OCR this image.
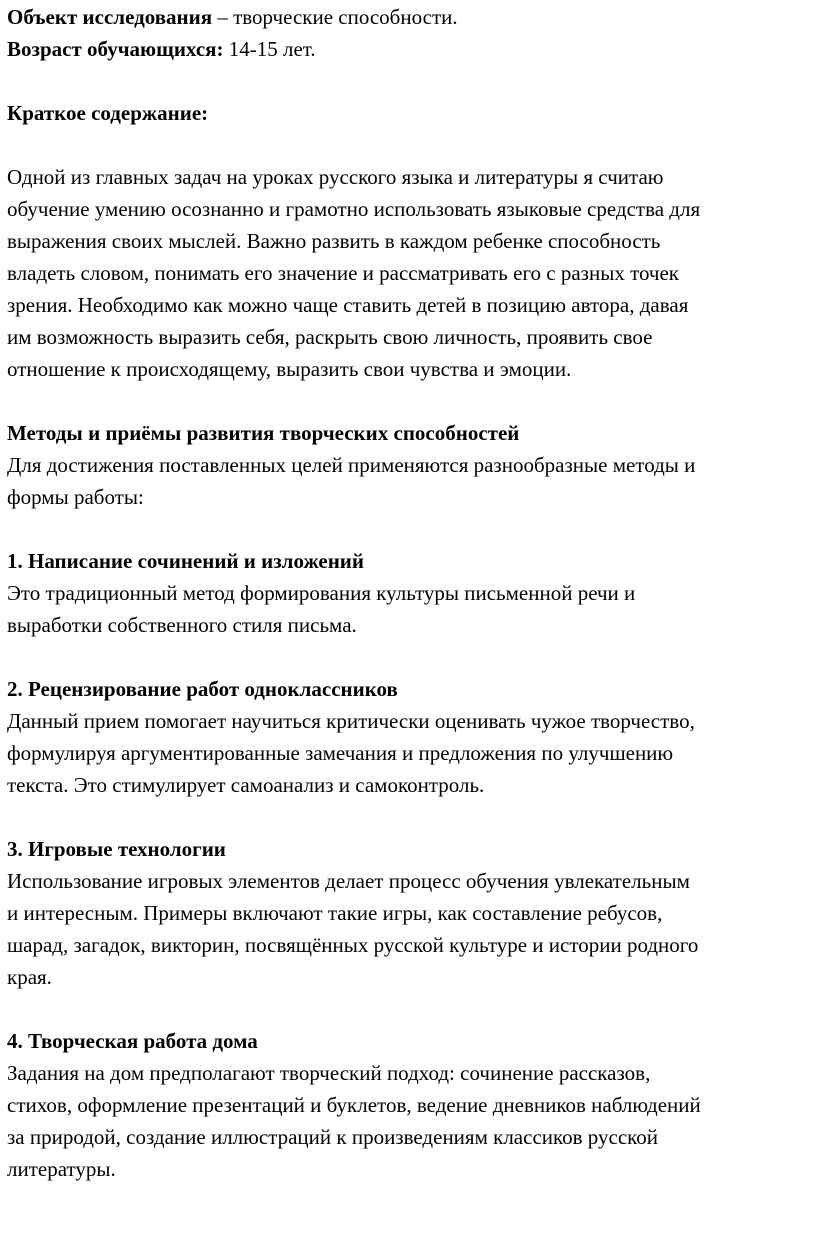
Объект исследования – творческие способности.

Возраст обучающихся: 14-15 лет.

Краткое содержание:

Одной из главных задач на уроках русского языка и литературы я считаю

обучение умению осознанно и грамотно использовать языковые средства для

выражения своих мыслей. Важно развить в каждом ребенке способность

владеть словом, понимать его значение и рассматривать его с разных точек

зрения. Необходимо как можно чаще ставить детей в позицию автора, давая

им возможность выразить себя, раскрыть свою личность, проявить свое

отношение к происходящему, выразить свои чувства и эмоции.

Методы и приёмы развития творческих способностей

Для достижения поставленных целей применяются разнообразные методы и

формы работы:

1. Написание сочинений и изложений

Это традиционный метод формирования культуры письменной речи и

выработки собственного стиля письма.

2. Рецензирование работ одноклассников

Данный прием помогает научиться критически оценивать чужое творчество,

формулируя аргументированные замечания и предложения по улучшению

текста. Это стимулирует самоанализ и самоконтроль.

3. Игровые технологии

Использование игровых элементов делает процесс обучения увлекательным

и интересным. Примеры включают такие игры, как составление ребусов,

шарад, загадок, викторин, посвящённых русской культуре и истории родного

края.

4. Творческая работа дома

Задания на дом предполагают творческий подход: сочинение рассказов,

стихов, оформление презентаций и буклетов, ведение дневников наблюдений

за природой, создание иллюстраций к произведениям классиков русской

литературы.
